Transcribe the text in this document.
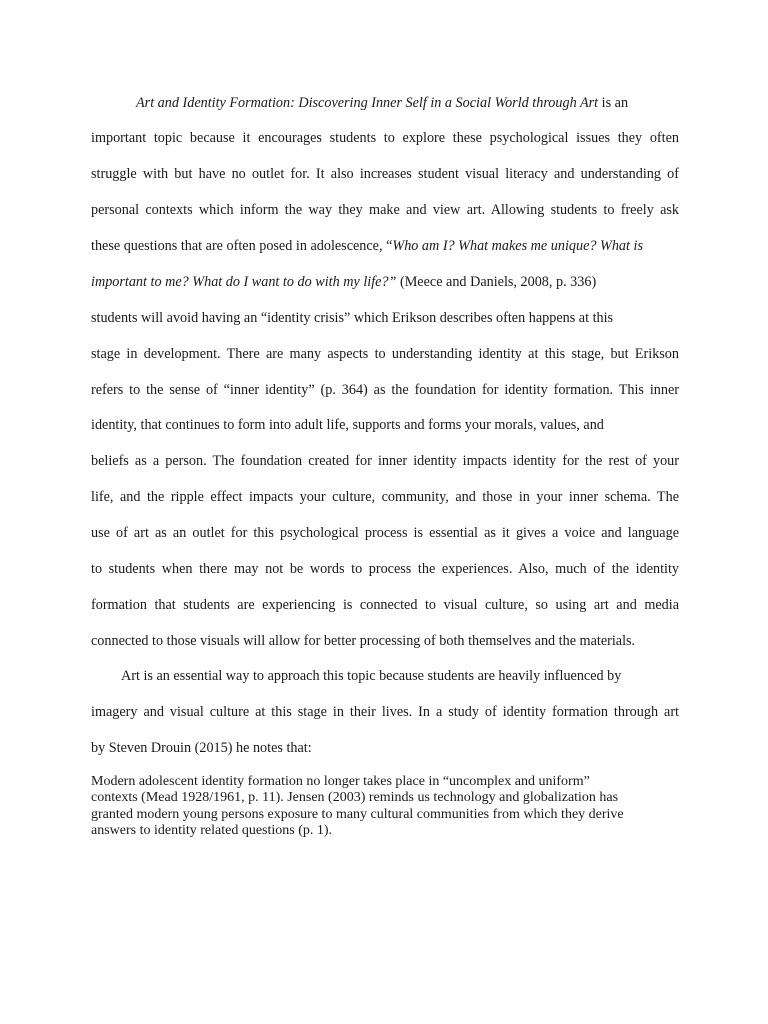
Art and Identity Formation: Discovering Inner Self in a Social World through Art is an
important topic because it encourages students to explore these psychological issues they often
struggle with but have no outlet for. It also increases student visual literacy and understanding of
personal contexts which inform the way they make and view art. Allowing students to freely ask
these questions that are often posed in adolescence, “Who am I? What makes me unique? What is
important to me? What do I want to do with my life?” (Meece and Daniels, 2008, p. 336)
students will avoid having an “identity crisis” which Erikson describes often happens at this
stage in development. There are many aspects to understanding identity at this stage, but Erikson
refers to the sense of “inner identity” (p. 364) as the foundation for identity formation. This inner
identity, that continues to form into adult life, supports and forms your morals, values, and
beliefs as a person. The foundation created for inner identity impacts identity for the rest of your
life, and the ripple effect impacts your culture, community, and those in your inner schema. The
use of art as an outlet for this psychological process is essential as it gives a voice and language
to students when there may not be words to process the experiences. Also, much of the identity
formation that students are experiencing is connected to visual culture, so using art and media
connected to those visuals will allow for better processing of both themselves and the materials.
Art is an essential way to approach this topic because students are heavily influenced by
imagery and visual culture at this stage in their lives. In a study of identity formation through art
by Steven Drouin (2015) he notes that:
Modern adolescent identity formation no longer takes place in “uncomplex and uniform”
contexts (Mead 1928/1961, p. 11). Jensen (2003) reminds us technology and globalization has
granted modern young persons exposure to many cultural communities from which they derive
answers to identity related questions (p. 1).
